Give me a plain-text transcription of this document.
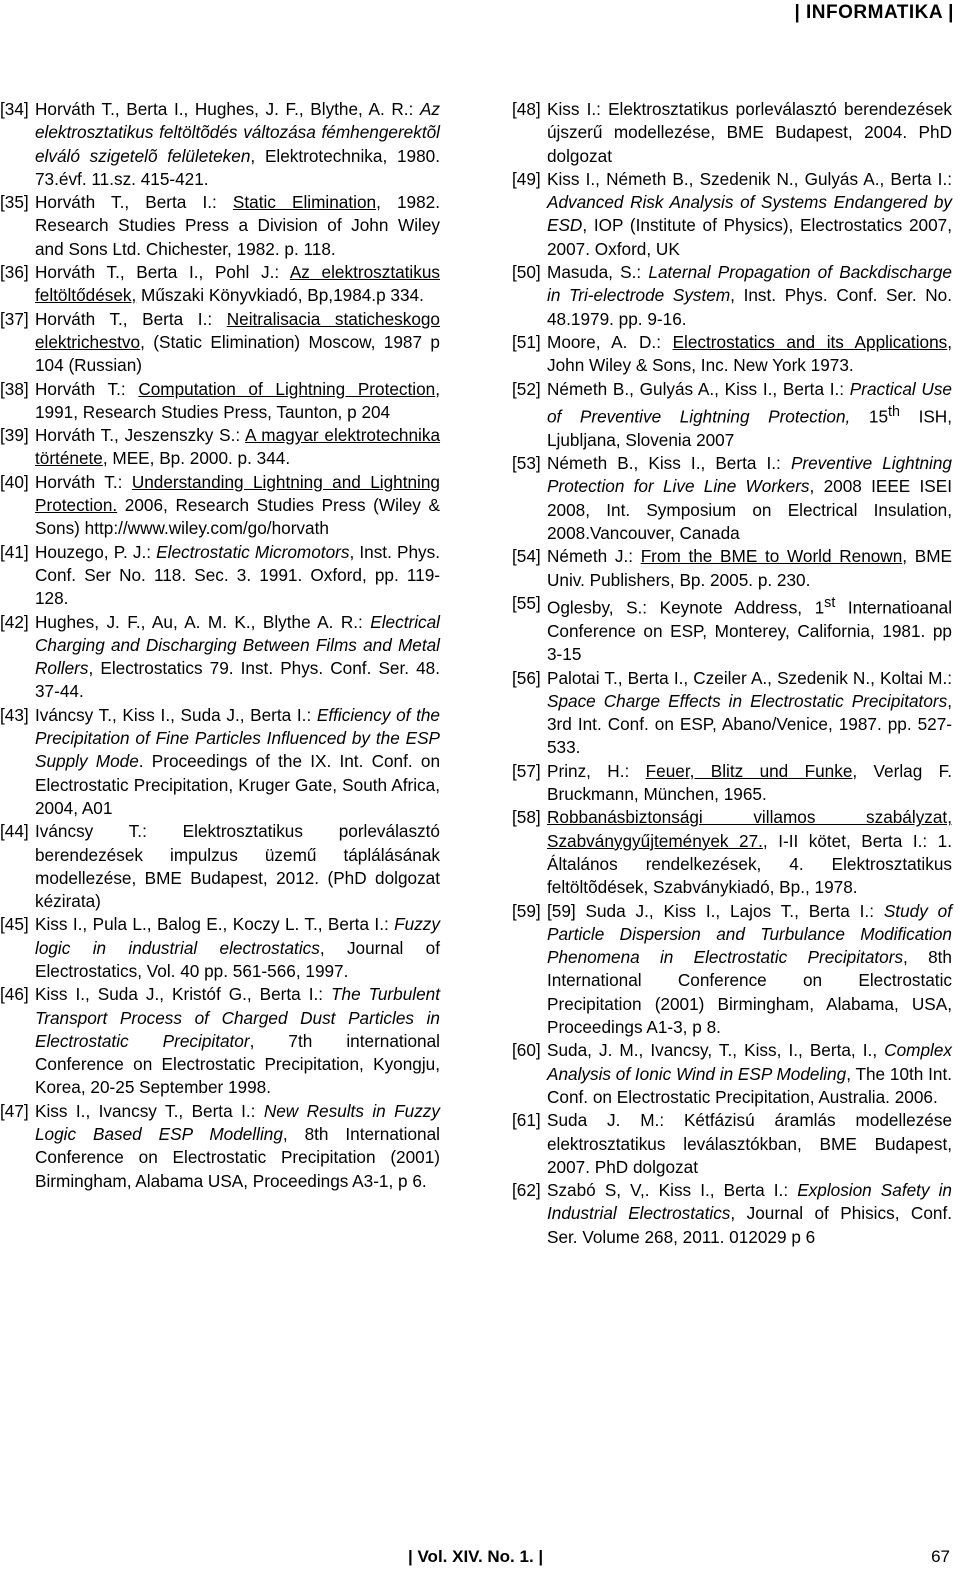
| INFORMATIKA |
[34] Horváth T., Berta I., Hughes, J. F., Blythe, A. R.: Az elektrosztatikus feltöltõdés változása fémhengerektõl elváló szigetelõ felületeken, Elektrotechnika, 1980. 73.évf. 11.sz. 415-421.

[35] Horváth T., Berta I.: Static Elimination, 1982. Research Studies Press a Division of John Wiley and Sons Ltd. Chichester, 1982. p. 118.

[36] Horváth T., Berta I., Pohl J.: Az elektrosztatikus feltöltődések, Műszaki Könyvkiadó, Bp,1984.p 334.

[37] Horváth T., Berta I.: Neitralisacia staticheskogo elektrichestvo, (Static Elimination) Moscow, 1987 p 104 (Russian)

[38] Horváth T.: Computation of Lightning Protection, 1991, Research Studies Press, Taunton, p 204

[39] Horváth T., Jeszenszky S.: A magyar elektrotechnika története, MEE, Bp. 2000. p. 344.

[40] Horváth T.: Understanding Lightning and Lightning Protection. 2006, Research Studies Press (Wiley & Sons) http://www.wiley.com/go/horvath

[41] Houzego, P. J.: Electrostatic Micromotors, Inst. Phys. Conf. Ser No. 118. Sec. 3. 1991. Oxford, pp. 119-128.

[42] Hughes, J. F., Au, A. M. K., Blythe A. R.: Electrical Charging and Discharging Between Films and Metal Rollers, Electrostatics 79. Inst. Phys. Conf. Ser. 48. 37-44.

[43] Iváncsy T., Kiss I., Suda J., Berta I.: Efficiency of the Precipitation of Fine Particles Influenced by the ESP Supply Mode. Proceedings of the IX. Int. Conf. on Electrostatic Precipitation, Kruger Gate, South Africa, 2004, A01

[44] Iváncsy T.: Elektrosztatikus porleválasztó berendezések impulzus üzemű táplálásának modellezése, BME Budapest, 2012. (PhD dolgozat kézirata)

[45] Kiss I., Pula L., Balog E., Koczy L. T., Berta I.: Fuzzy logic in industrial electrostatics, Journal of Electrostatics, Vol. 40 pp. 561-566, 1997.

[46] Kiss I., Suda J., Kristóf G., Berta I.: The Turbulent Transport Process of Charged Dust Particles in Electrostatic Precipitator, 7th international Conference on Electrostatic Precipitation, Kyongju, Korea, 20-25 September 1998.

[47] Kiss I., Ivancsy T., Berta I.: New Results in Fuzzy Logic Based ESP Modelling, 8th International Conference on Electrostatic Precipitation (2001) Birmingham, Alabama USA, Proceedings A3-1, p 6.

[48] Kiss I.: Elektrosztatikus porleválasztó berendezések újszerű modellezése, BME Budapest, 2004. PhD dolgozat

[49] Kiss I., Németh B., Szedenik N., Gulyás A., Berta I.: Advanced Risk Analysis of Systems Endangered by ESD, IOP (Institute of Physics), Electrostatics 2007, 2007. Oxford, UK

[50] Masuda, S.: Laternal Propagation of Backdischarge in Tri-electrode System, Inst. Phys. Conf. Ser. No. 48.1979. pp. 9-16.

[51] Moore, A. D.: Electrostatics and its Applications, John Wiley & Sons, Inc. New York 1973.

[52] Németh B., Gulyás A., Kiss I., Berta I.: Practical Use of Preventive Lightning Protection, 15th ISH, Ljubljana, Slovenia 2007

[53] Németh B., Kiss I., Berta I.: Preventive Lightning Protection for Live Line Workers, 2008 IEEE ISEI 2008, Int. Symposium on Electrical Insulation, 2008.Vancouver, Canada

[54] Németh J.: From the BME to World Renown, BME Univ. Publishers, Bp. 2005. p. 230.

[55] Oglesby, S.: Keynote Address, 1st Internatioanal Conference on ESP, Monterey, California, 1981. pp 3-15

[56] Palotai T., Berta I., Czeiler A., Szedenik N., Koltai M.: Space Charge Effects in Electrostatic Precipitators, 3rd Int. Conf. on ESP, Abano/Venice, 1987. pp. 527-533.

[57] Prinz, H.: Feuer, Blitz und Funke, Verlag F. Bruckmann, München, 1965.

[58] Robbanásbiztonsági villamos szabályzat, Szabványgyűjtemények 27., I-II kötet, Berta I.: 1. Általános rendelkezések, 4. Elektrosztatikus feltöltõdések, Szabványkiadó, Bp., 1978.

[59] [59] Suda J., Kiss I., Lajos T., Berta I.: Study of Particle Dispersion and Turbulance Modification Phenomena in Electrostatic Precipitators, 8th International Conference on Electrostatic Precipitation (2001) Birmingham, Alabama, USA, Proceedings A1-3, p 8.

[60] Suda, J. M., Ivancsy, T., Kiss, I., Berta, I., Complex Analysis of Ionic Wind in ESP Modeling, The 10th Int. Conf. on Electrostatic Precipitation, Australia. 2006.

[61] Suda J. M.: Kétfázisú áramlás modellezése elektrosztatikus leválasztókban, BME Budapest, 2007. PhD dolgozat

[62] Szabó S, V,. Kiss I., Berta I.: Explosion Safety in Industrial Electrostatics, Journal of Phisics, Conf. Ser. Volume 268, 2011. 012029 p 6

| Vol. XIV. No. 1. |	67
